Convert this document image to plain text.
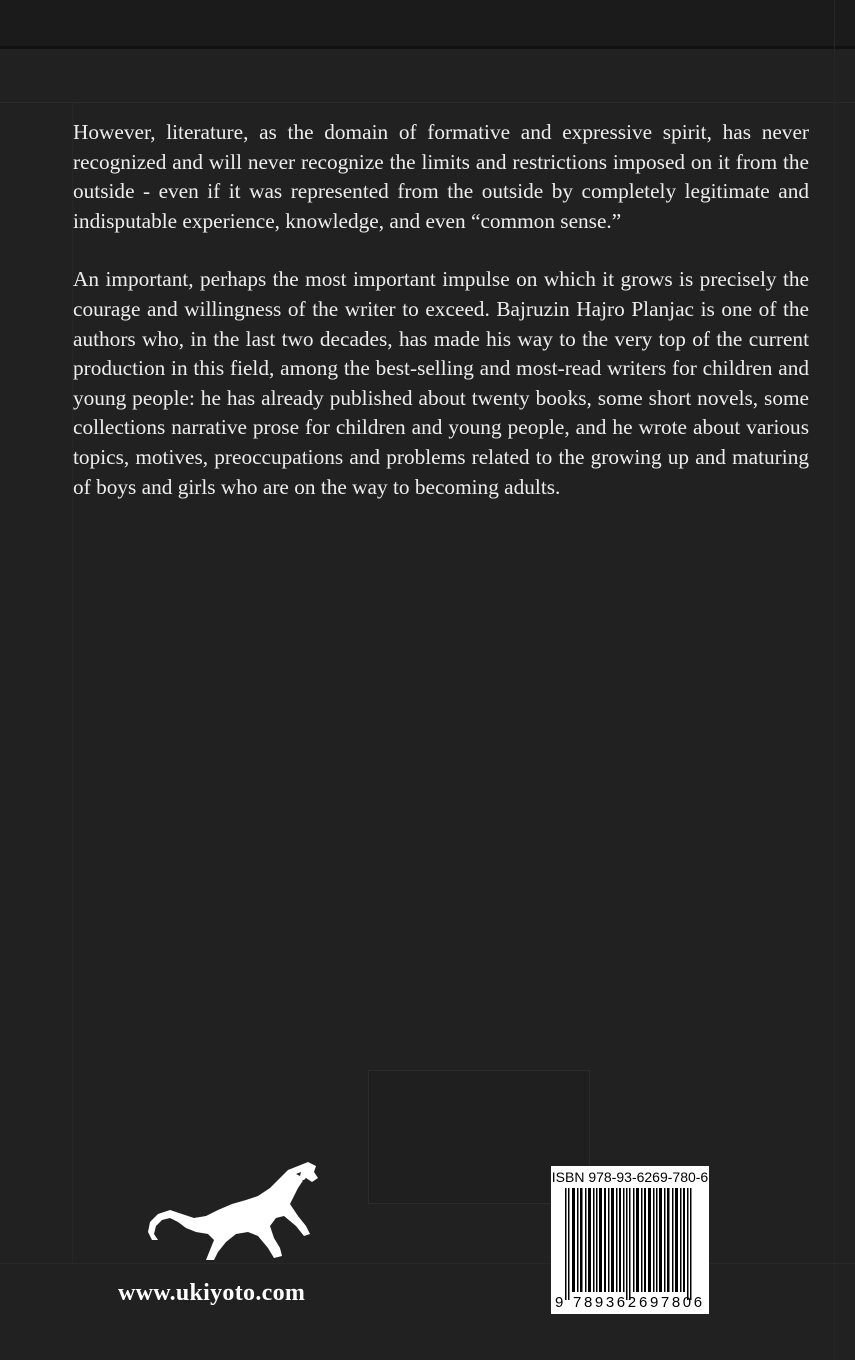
However, literature, as the domain of formative and expressive spirit, has never recognized and will never recognize the limits and restrictions imposed on it from the outside - even if it was represented from the outside by completely legitimate and indisputable experience, knowledge, and even “common sense.”

An important, perhaps the most important impulse on which it grows is precisely the courage and willingness of the writer to exceed. Bajruzin Hajro Planjac is one of the authors who, in the last two decades, has made his way to the very top of the current production in this field, among the best-selling and most-read writers for children and young people: he has already published about twenty books, some short novels, some collections narrative prose for children and young people, and he wrote about various topics, motives, preoccupations and problems related to the growing up and maturing of boys and girls who are on the way to becoming adults.

www.ukiyoto.com
ISBN 978-93-6269-780-6
9 789362 697806
